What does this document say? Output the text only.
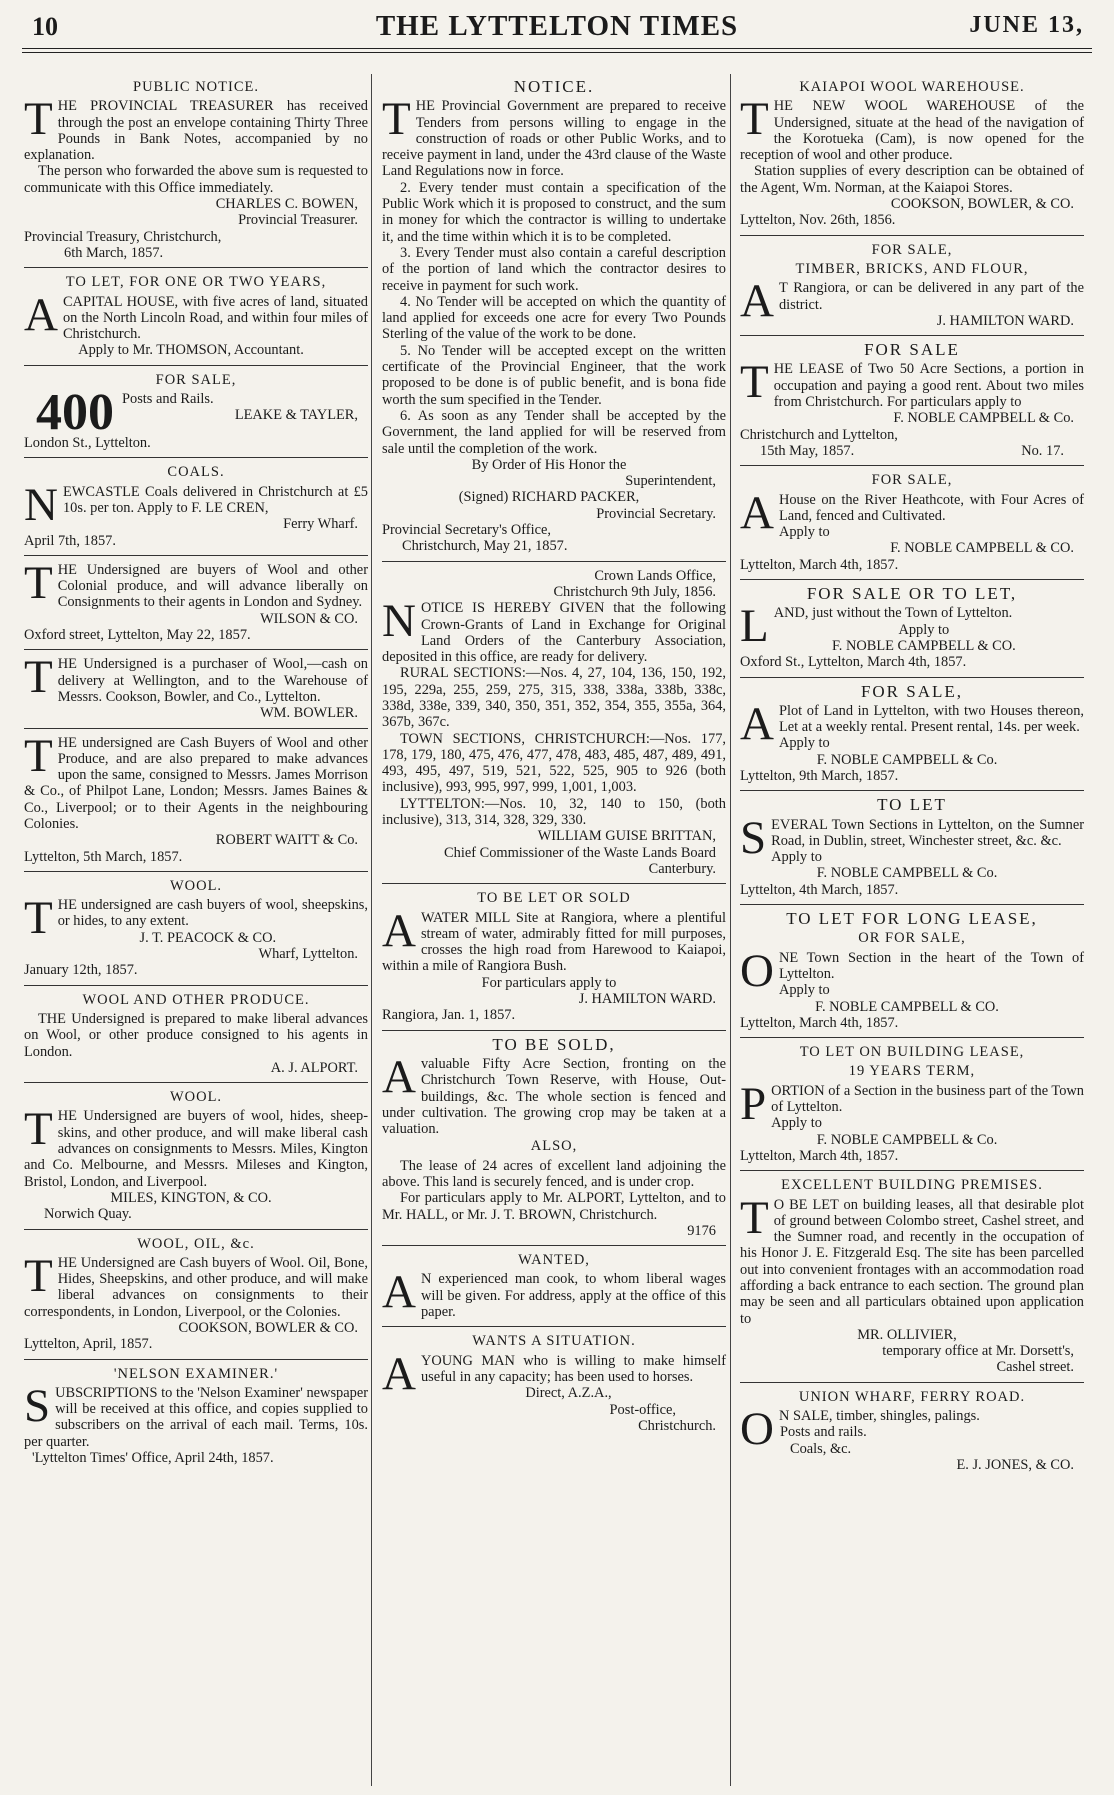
10	THE LYTTELTON TIMES	JUNE 13,
PUBLIC NOTICE.

THE PROVINCIAL TREASURER has received through the post an envelope containing Thirty Three Pounds in Bank Notes, accompanied by no explanation.

The person who forwarded the above sum is requested to communicate with this Office immediately.

CHARLES C. BOWEN,
Provincial Treasurer.
Provincial Treasury, Christchurch,
6th March, 1857.
TO LET, FOR ONE OR TWO YEARS,

ACAPITAL HOUSE, with five acres of land, situated on the North Lincoln Road, and within four miles of Christchurch.

Apply to Mr. THOMSON, Accountant.
FOR SALE,
400 Posts and Rails.
LEAKE & TAYLER,
London St., Lyttelton.
COALS.

NEWCASTLE Coals delivered in Christchurch at £5 10s. per ton. Apply to F. LE CREN,

Ferry Wharf.
April 7th, 1857.

THE Undersigned are buyers of Wool and other Colonial produce, and will advance liberally on Consignments to their agents in London and Sydney.

WILSON & CO.
Oxford street, Lyttelton, May 22, 1857.

THE Undersigned is a purchaser of Wool,—cash on delivery at Wellington, and to the Warehouse of Messrs. Cookson, Bowler, and Co., Lyttelton.

WM. BOWLER.

THE undersigned are Cash Buyers of Wool and other Produce, and are also prepared to make advances upon the same, consigned to Messrs. James Morrison & Co., of Philpot Lane, London; Messrs. James Baines & Co., Liverpool; or to their Agents in the neighbouring Colonies.

ROBERT WAITT & Co.
Lyttelton, 5th March, 1857.
WOOL.

THE undersigned are cash buyers of wool, sheepskins, or hides, to any extent.

J. T. PEACOCK & CO.
Wharf, Lyttelton.
January 12th, 1857.
WOOL AND OTHER PRODUCE.

THE Undersigned is prepared to make liberal advances on Wool, or other produce consigned to his agents in London.

A. J. ALPORT.
WOOL.

THE Undersigned are buyers of wool, hides, sheep-skins, and other produce, and will make liberal cash advances on consignments to Messrs. Miles, Kington and Co. Melbourne, and Messrs. Mileses and Kington, Bristol, London, and Liverpool.

MILES, KINGTON, & CO.
Norwich Quay.
WOOL, OIL, &c.

THE Undersigned are Cash buyers of Wool. Oil, Bone, Hides, Sheepskins, and other produce, and will make liberal advances on consignments to their correspondents, in London, Liverpool, or the Colonies.

COOKSON, BOWLER & CO.
Lyttelton, April, 1857.
'NELSON EXAMINER.'

SUBSCRIPTIONS to the 'Nelson Examiner' newspaper will be received at this office, and copies supplied to subscribers on the arrival of each mail. Terms, 10s. per quarter.

'Lyttelton Times' Office, April 24th, 1857.
NOTICE.

THE Provincial Government are prepared to receive Tenders from persons willing to engage in the construction of roads or other Public Works, and to receive payment in land, under the 43rd clause of the Waste Land Regulations now in force.

2. Every tender must contain a specification of the Public Work which it is proposed to construct, and the sum in money for which the contractor is willing to undertake it, and the time within which it is to be completed.

3. Every Tender must also contain a careful description of the portion of land which the contractor desires to receive in payment for such work.

4. No Tender will be accepted on which the quantity of land applied for exceeds one acre for every Two Pounds Sterling of the value of the work to be done.

5. No Tender will be accepted except on the written certificate of the Provincial Engineer, that the work proposed to be done is of public benefit, and is bona fide worth the sum specified in the Tender.

6. As soon as any Tender shall be accepted by the Government, the land applied for will be reserved from sale until the completion of the work.

By Order of His Honor the
Superintendent,
(Signed) RICHARD PACKER,
Provincial Secretary.
Provincial Secretary's Office,
Christchurch, May 21, 1857.
Crown Lands Office,
Christchurch 9th July, 1856.

NOTICE IS HEREBY GIVEN that the following Crown-Grants of Land in Exchange for Original Land Orders of the Canterbury Association, deposited in this office, are ready for delivery.

RURAL SECTIONS:—Nos. 4, 27, 104, 136, 150, 192, 195, 229a, 255, 259, 275, 315, 338, 338a, 338b, 338c, 338d, 338e, 339, 340, 350, 351, 352, 354, 355, 355a, 364, 367b, 367c.

TOWN SECTIONS, CHRISTCHURCH:—Nos. 177, 178, 179, 180, 475, 476, 477, 478, 483, 485, 487, 489, 491, 493, 495, 497, 519, 521, 522, 525, 905 to 926 (both inclusive), 993, 995, 997, 999, 1,001, 1,003.

LYTTELTON:—Nos. 10, 32, 140 to 150, (both inclusive), 313, 314, 328, 329, 330.

WILLIAM GUISE BRITTAN,
Chief Commissioner of the Waste Lands Board
Canterbury.
TO BE LET OR SOLD

AWATER MILL Site at Rangiora, where a plentiful stream of water, admirably fitted for mill purposes, crosses the high road from Harewood to Kaiapoi, within a mile of Rangiora Bush.

For particulars apply to
J. HAMILTON WARD.
Rangiora, Jan. 1, 1857.
TO BE SOLD,

Avaluable Fifty Acre Section, fronting on the Christchurch Town Reserve, with House, Out-buildings, &c. The whole section is fenced and under cultivation. The growing crop may be taken at a valuation.

ALSO,

The lease of 24 acres of excellent land adjoining the above. This land is securely fenced, and is under crop.

For particulars apply to Mr. ALPORT, Lyttelton, and to Mr. HALL, or Mr. J. T. BROWN, Christchurch.

9176
WANTED,

A N experienced man cook, to whom liberal wages will be given. For address, apply at the office of this paper.

WANTS A SITUATION.

AYOUNG MAN who is willing to make himself useful in any capacity; has been used to horses.

Direct, A.Z.A.,
Post-office,
Christchurch.
KAIAPOI WOOL WAREHOUSE.

THE NEW WOOL WAREHOUSE of the Undersigned, situate at the head of the navigation of the Korotueka (Cam), is now opened for the reception of wool and other produce.

Station supplies of every description can be obtained of the Agent, Wm. Norman, at the Kaiapoi Stores.

COOKSON, BOWLER, & CO.
Lyttelton, Nov. 26th, 1856.
FOR SALE,
TIMBER, BRICKS, AND FLOUR,

A T Rangiora, or can be delivered in any part of the district.

J. HAMILTON WARD.
FOR SALE

THE LEASE of Two 50 Acre Sections, a portion in occupation and paying a good rent. About two miles from Christchurch. For particulars apply to

F. NOBLE CAMPBELL & Co.
Christchurch and Lyttelton,
15th May, 1857.	No. 17.
FOR SALE,

A House on the River Heathcote, with Four Acres of Land, fenced and Cultivated.

Apply to
F. NOBLE CAMPBELL & CO.
Lyttelton, March 4th, 1857.
FOR SALE OR TO LET,

LAND, just without the Town of Lyttelton.

Apply to
F. NOBLE CAMPBELL & CO.
Oxford St., Lyttelton, March 4th, 1857.
FOR SALE,

A Plot of Land in Lyttelton, with two Houses thereon, Let at a weekly rental. Present rental, 14s. per week.

Apply to
F. NOBLE CAMPBELL & Co.
Lyttelton, 9th March, 1857.
TO LET

SEVERAL Town Sections in Lyttelton, on the Sumner Road, in Dublin, street, Winchester street, &c. &c.

Apply to
F. NOBLE CAMPBELL & Co.
Lyttelton, 4th March, 1857.
TO LET FOR LONG LEASE,
OR FOR SALE,

ONE Town Section in the heart of the Town of Lyttelton.

Apply to
F. NOBLE CAMPBELL & CO.
Lyttelton, March 4th, 1857.
TO LET ON BUILDING LEASE,
19 YEARS TERM,

PORTION of a Section in the business part of the Town of Lyttelton.

Apply to
F. NOBLE CAMPBELL & Co.
Lyttelton, March 4th, 1857.
EXCELLENT BUILDING PREMISES.

T O BE LET on building leases, all that desirable plot of ground between Colombo street, Cashel street, and the Sumner road, and recently in the occupation of his Honor J. E. Fitzgerald Esq. The site has been parcelled out into convenient frontages with an accommodation road affording a back entrance to each section. The ground plan may be seen and all particulars obtained upon application to

MR. OLLIVIER,
temporary office at Mr. Dorsett's,
Cashel street.
UNION WHARF, FERRY ROAD.

O N SALE, timber, shingles, palings.

Posts and rails.
Coals, &c.
E. J. JONES, & CO.
